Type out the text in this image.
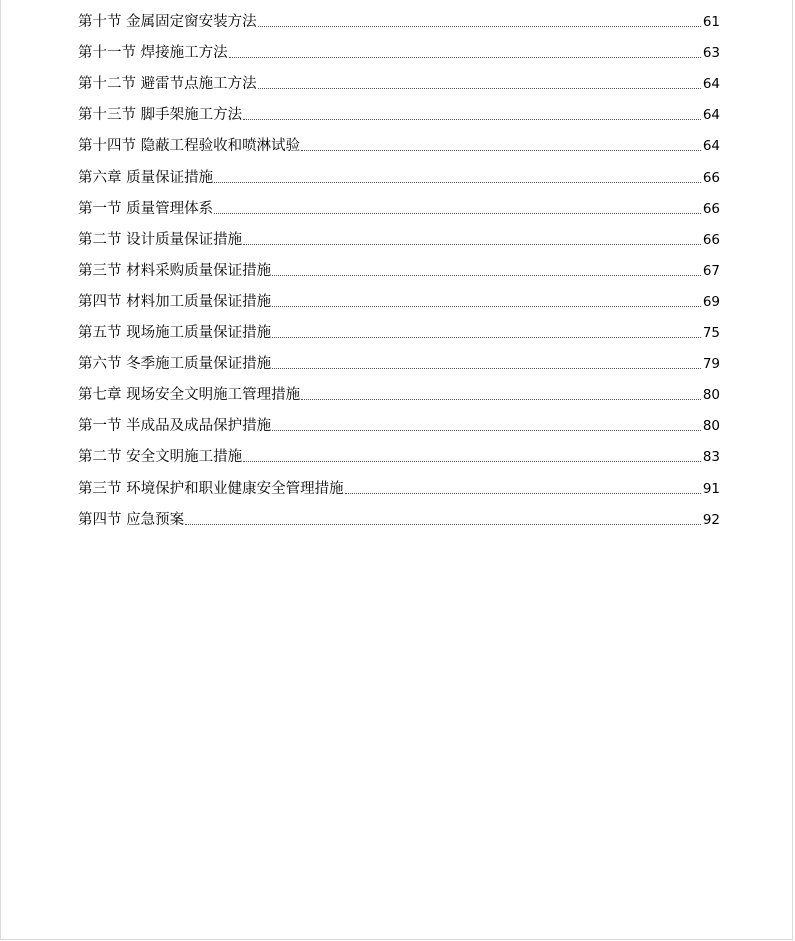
第十节 金属固定窗安装方法	61
第十一节 焊接施工方法	63
第十二节 避雷节点施工方法	64
第十三节 脚手架施工方法	64
第十四节 隐蔽工程验收和喷淋试验	64
第六章 质量保证措施	66
第一节 质量管理体系	66
第二节 设计质量保证措施	66
第三节 材料采购质量保证措施	67
第四节 材料加工质量保证措施	69
第五节 现场施工质量保证措施	75
第六节 冬季施工质量保证措施	79
第七章 现场安全文明施工管理措施	80
第一节 半成品及成品保护措施	80
第二节 安全文明施工措施	83
第三节 环境保护和职业健康安全管理措施	91
第四节 应急预案	92
